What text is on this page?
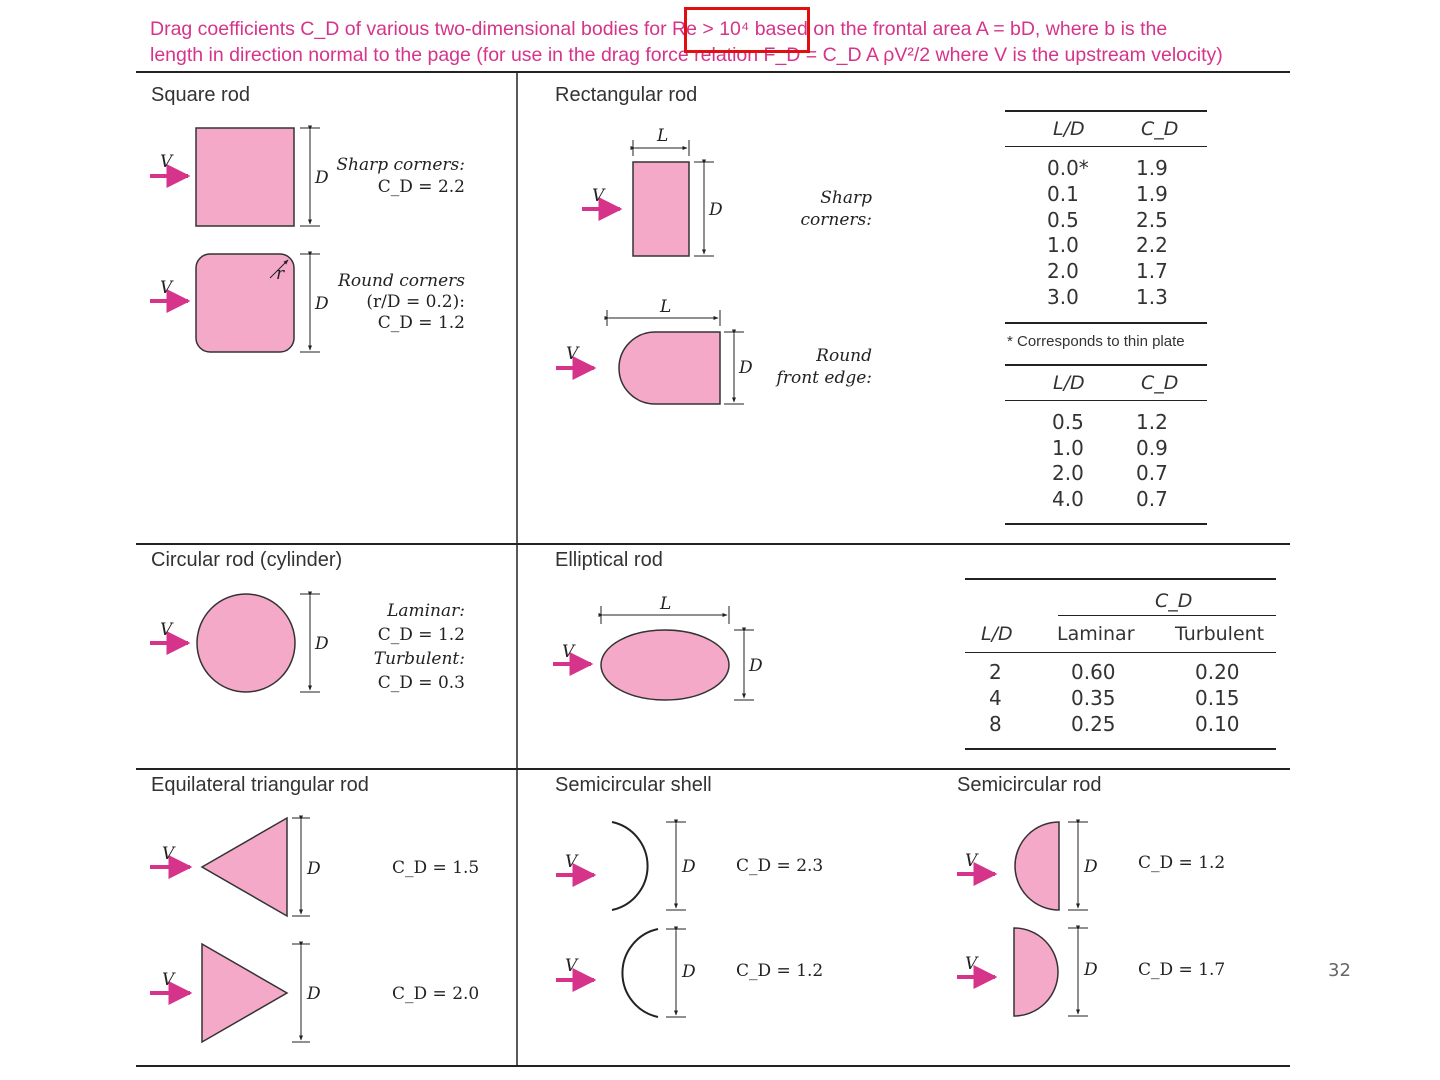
Drag coefficients C_D of various two-dimensional bodies for Re > 10⁴ based on the frontal area A = bD, where b is the
length in direction normal to the page (for use in the drag force relation F_D = C_D A ρV²/2 where V is the upstream velocity)
Square rod	Rectangular rod
Circular rod (cylinder)	Elliptical rod
Equilateral triangular rod	Semicircular shell	Semicircular rod
V
D
V
r
D
L
V
D
L
V
D
V
D
L
V
D
V
D
V
D
V	D
V	D
V	D
V	D
Sharp corners:
C_D = 2.2
Round corners
(r/D = 0.2):
C_D = 1.2
Sharp
corners:
Round
front edge:
L/D	C_D
0.0* 1.9
0.1	1.9
0.5	2.5
1.0	2.2
2.0	1.7
3.0	1.3
* Corresponds to thin plate
L/D	C_D
0.5	1.2
1.0	0.9
2.0	0.7
4.0	0.7
Laminar:
C_D = 1.2
Turbulent:
C_D = 0.3
C_D
L/D Laminar Turbulent
2	0.60	0.20
4	0.35	0.15
8	0.25	0.10
C_D = 1.5
C_D = 2.0
C_D = 2.3
C_D = 1.2
C_D = 1.2
C_D = 1.7	32
